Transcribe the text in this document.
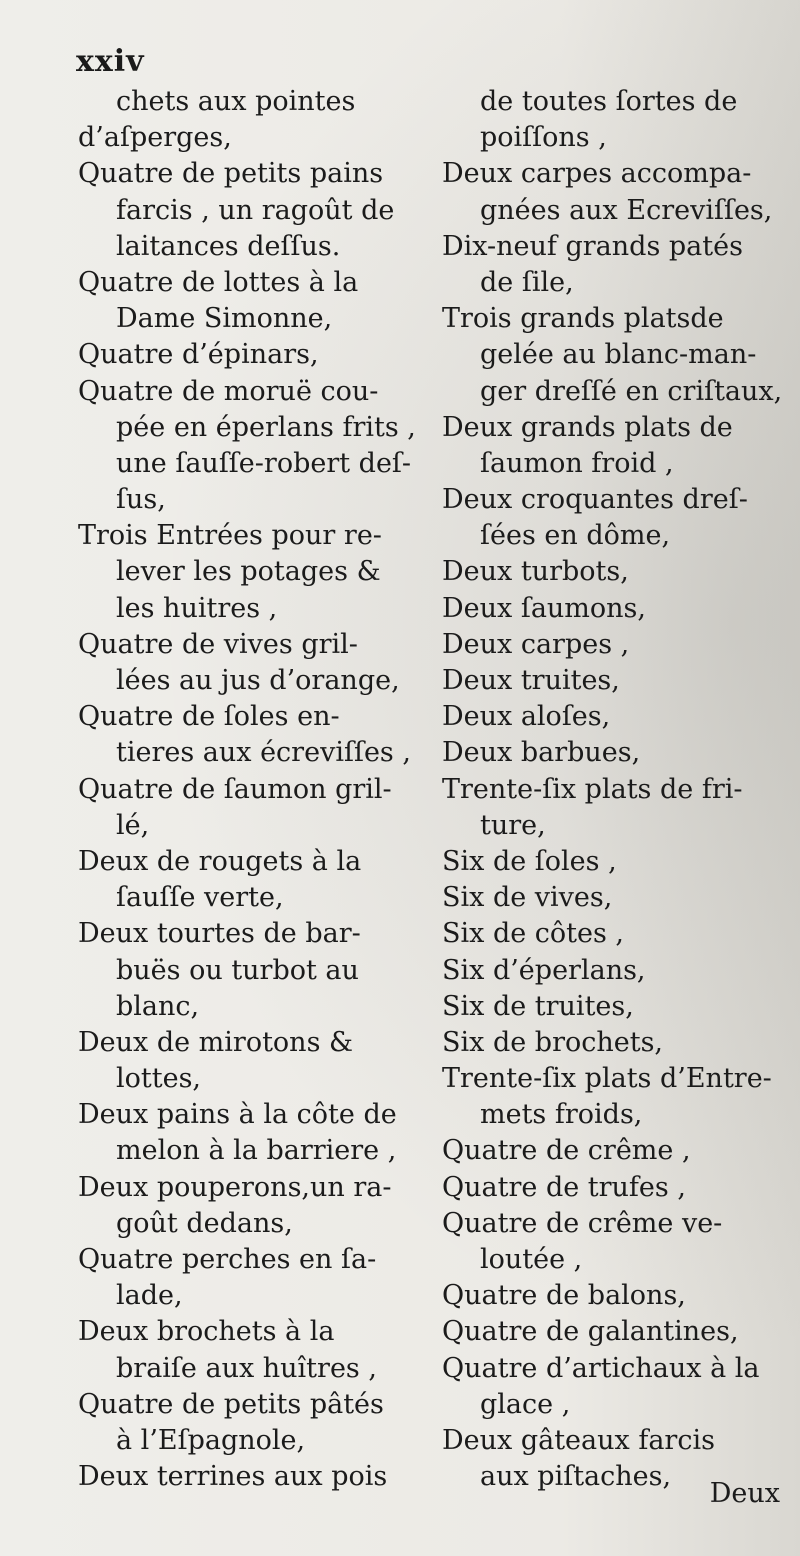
xxiv
chets aux pointes
d’aſperges,
Quatre de petits pains
farcis , un ragoût de
laitances deſſus.
Quatre de lottes à la
Dame Simonne,
Quatre d’épinars,
Quatre de moruë cou-
pée en éperlans frits ,
une ſauſſe-robert deſ-
ſus,
Trois Entrées pour re-
lever les potages &
les huitres ,
Quatre de vives gril-
lées au jus d’orange,
Quatre de ſoles en-
tieres aux écreviſſes ,
Quatre de ſaumon gril-
lé,
Deux de rougets à la
ſauſſe verte,
Deux tourtes de bar-
buës ou turbot au
blanc,
Deux de mirotons &
lottes,
Deux pains à la côte de
melon à la barriere ,
Deux pouperons,un ra-
goût dedans,
Quatre perches en ſa-
lade,
Deux brochets à la
braiſe aux huîtres ,
Quatre de petits pâtés
à l’Eſpagnole,
Deux terrines aux pois
de toutes ſortes de
poiſſons ,
Deux carpes accompa-
gnées aux Ecreviſſes,
Dix-neuf grands patés
de ſile,
Trois grands platsde
gelée au blanc-man-
ger dreſſé en criſtaux,
Deux grands plats de
ſaumon froid ,
Deux croquantes dreſ-
ſées en dôme,
Deux turbots,
Deux ſaumons,
Deux carpes ,
Deux truites,
Deux aloſes,
Deux barbues,
Trente-ſix plats de fri-
ture,
Six de ſoles ,
Six de vives,
Six de côtes ,
Six d’éperlans,
Six de truites,
Six de brochets,
Trente-ſix plats d’Entre-
mets froids,
Quatre de crême ,
Quatre de trufes ,
Quatre de crême ve-
loutée ,
Quatre de balons,
Quatre de galantines,
Quatre d’artichaux à la
glace ,
Deux gâteaux farcis
aux piſtaches,
Deux
